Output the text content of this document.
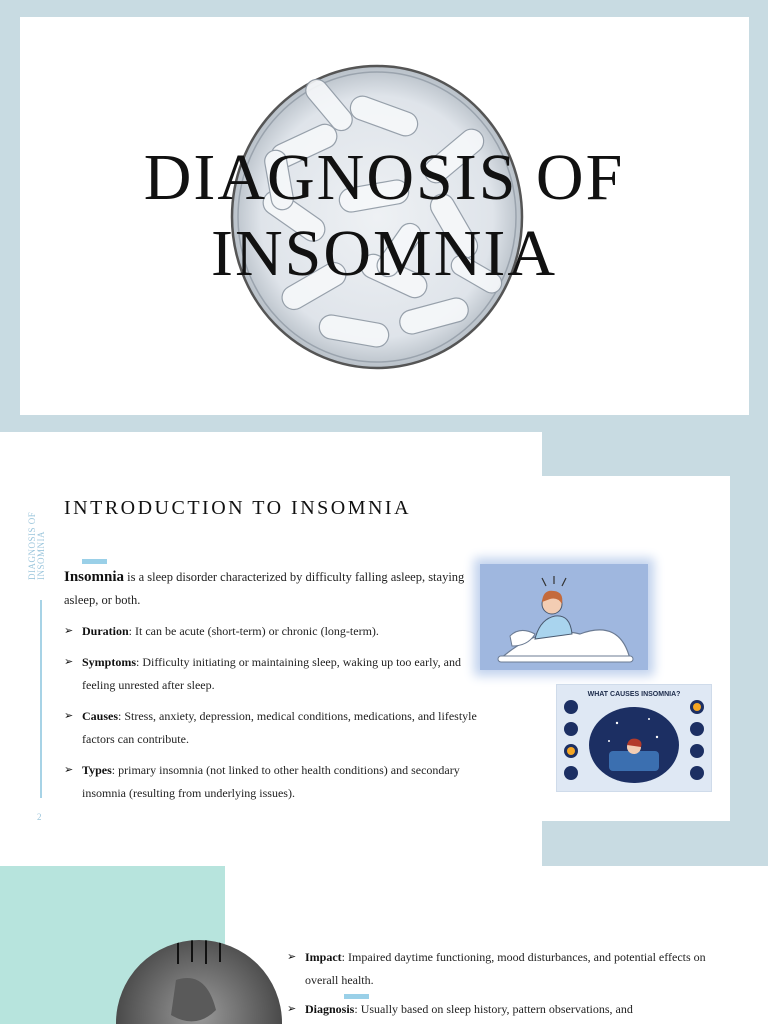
DIAGNOSIS OF INSOMNIA
DIAGNOSIS OF INSOMNIA
2
INTRODUCTION TO INSOMNIA
Insomnia is a sleep disorder characterized by difficulty falling asleep, staying asleep, or both.
➢ Duration: It can be acute (short-term) or chronic (long-term).
➢ Symptoms: Difficulty initiating or maintaining sleep, waking up too early, and feeling unrested after sleep.
➢ Causes: Stress, anxiety, depression, medical conditions, medications, and lifestyle factors can contribute.
➢ Types: primary insomnia (not linked to other health conditions) and secondary insomnia (resulting from underlying issues).
WHAT CAUSES INSOMNIA?
➢ Impact: Impaired daytime functioning, mood disturbances, and potential effects on overall health.
➢ Diagnosis: Usually based on sleep history, pattern observations, and
